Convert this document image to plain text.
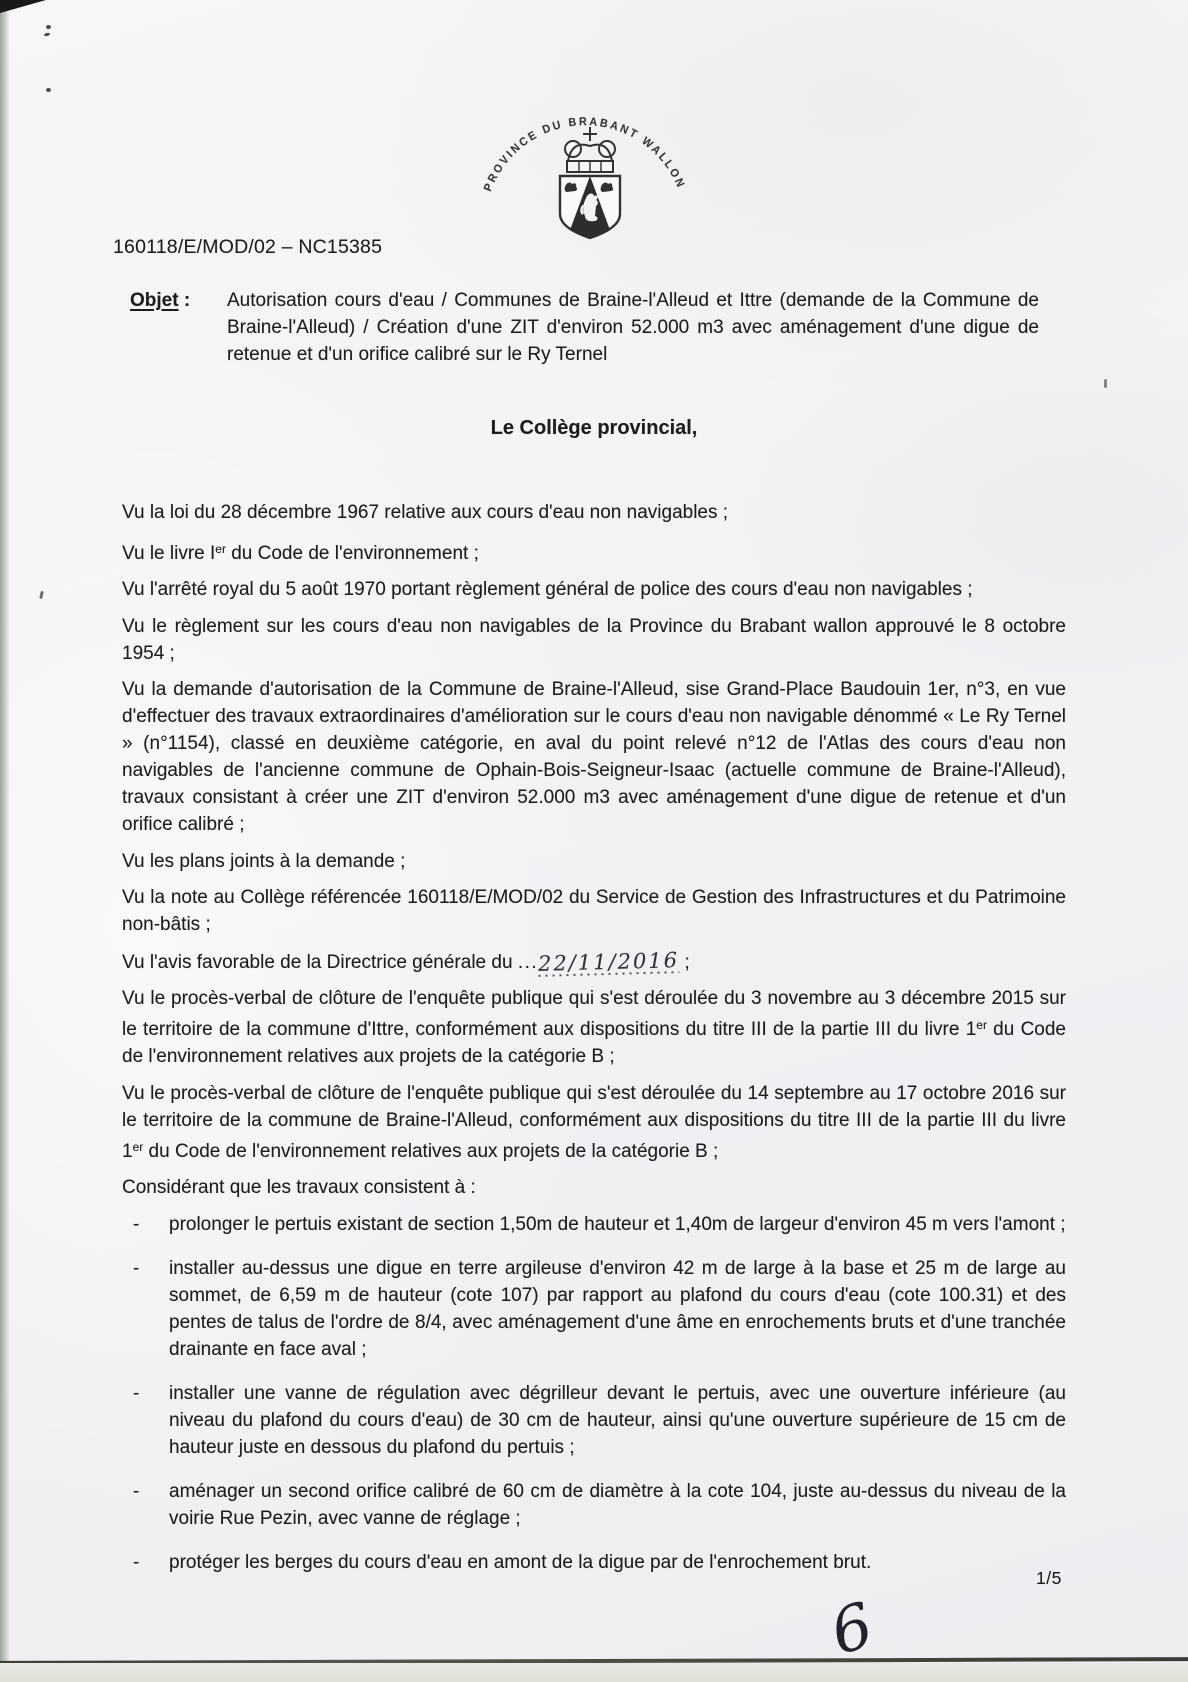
PROVINCE DU BRABANT WALLON
160118/E/MOD/02 – NC15385
Objet :	Autorisation cours d'eau / Communes de Braine-l'Alleud et Ittre (demande de la Commune de Braine-l'Alleud) / Création d'une ZIT d'environ 52.000 m3 avec aménagement d'une digue de retenue et d'un orifice calibré sur le Ry Ternel
Le Collège provincial,

Vu la loi du 28 décembre 1967 relative aux cours d'eau non navigables ;

Vu le livre Ier du Code de l'environnement ;

Vu l'arrêté royal du 5 août 1970 portant règlement général de police des cours d'eau non navigables ;

Vu le règlement sur les cours d'eau non navigables de la Province du Brabant wallon approuvé le 8 octobre 1954 ;

Vu la demande d'autorisation de la Commune de Braine-l'Alleud, sise Grand-Place Baudouin 1er, n°3, en vue d'effectuer des travaux extraordinaires d'amélioration sur le cours d'eau non navigable dénommé « Le Ry Ternel » (n°1154), classé en deuxième catégorie, en aval du point relevé n°12 de l'Atlas des cours d'eau non navigables de l'ancienne commune de Ophain-Bois-Seigneur-Isaac (actuelle commune de Braine-l'Alleud), travaux consistant à créer une ZIT d'environ 52.000 m3 avec aménagement d'une digue de retenue et d'un orifice calibré ;

Vu les plans joints à la demande ;

Vu la note au Collège référencée 160118/E/MOD/02 du Service de Gestion des Infrastructures et du Patrimoine non-bâtis ;

Vu l'avis favorable de la Directrice générale du ...22/11/2016 ;

Vu le procès-verbal de clôture de l'enquête publique qui s'est déroulée du 3 novembre au 3 décembre 2015 sur le territoire de la commune d'Ittre, conformément aux dispositions du titre III de la partie III du livre 1er du Code de l'environnement relatives aux projets de la catégorie B ;

Vu le procès-verbal de clôture de l'enquête publique qui s'est déroulée du 14 septembre au 17 octobre 2016 sur le territoire de la commune de Braine-l'Alleud, conformément aux dispositions du titre III de la partie III du livre 1er du Code de l'environnement relatives aux projets de la catégorie B ;

Considérant que les travaux consistent à :

-	prolonger le pertuis existant de section 1,50m de hauteur et 1,40m de largeur d'environ 45 m vers l'amont ;
-	installer au-dessus une digue en terre argileuse d'environ 42 m de large à la base et 25 m de large au sommet, de 6,59 m de hauteur (cote 107) par rapport au plafond du cours d'eau (cote 100.31) et des pentes de talus de l'ordre de 8/4, avec aménagement d'une âme en enrochements bruts et d'une tranchée drainante en face aval ;
-	installer une vanne de régulation avec dégrilleur devant le pertuis, avec une ouverture inférieure (au niveau du plafond du cours d'eau) de 30 cm de hauteur, ainsi qu'une ouverture supérieure de 15 cm de hauteur juste en dessous du plafond du pertuis ;
-	aménager un second orifice calibré de 60 cm de diamètre à la cote 104, juste au-dessus du niveau de la voirie Rue Pezin, avec vanne de réglage ;
-	protéger les berges du cours d'eau en amont de la digue par de l'enrochement brut.
1/5
6
